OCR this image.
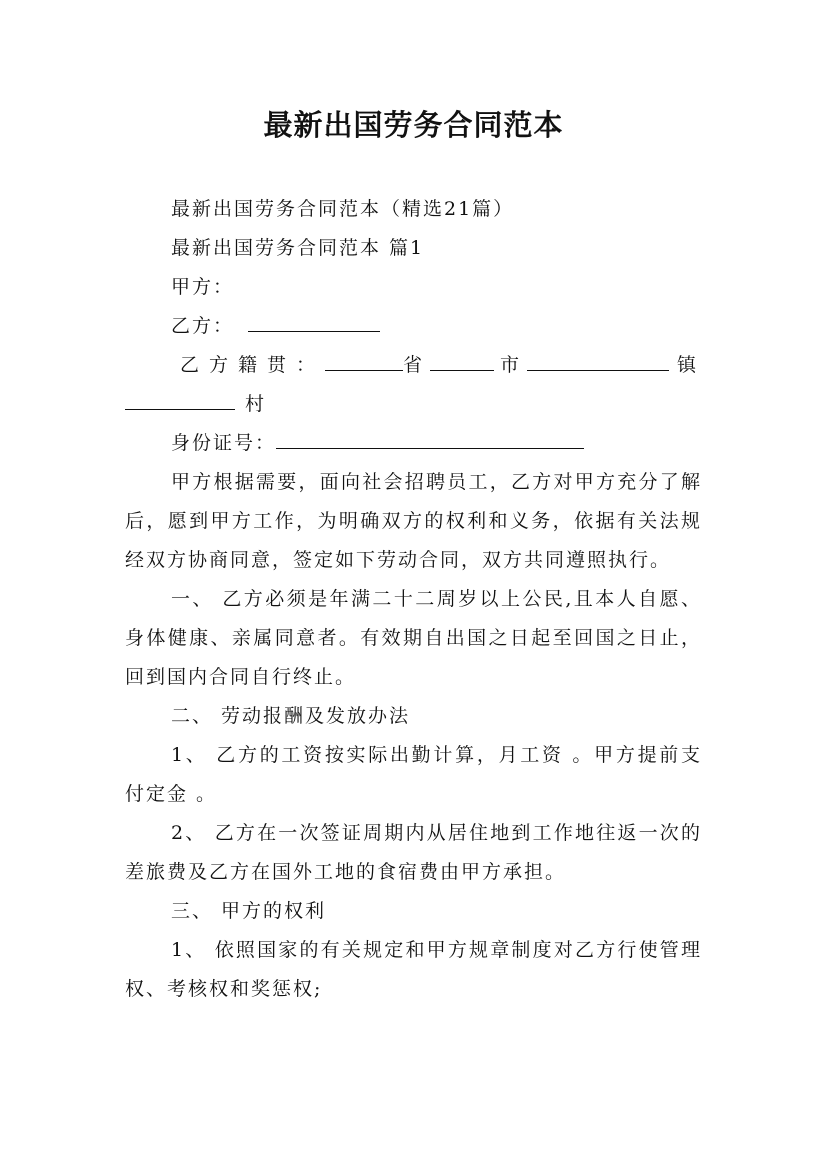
最新出国劳务合同范本

最新出国劳务合同范本（精选21篇）

最新出国劳务合同范本 篇1

甲方：

乙方：

乙方籍贯：	省	市	镇

村

身份证号：

甲方根据需要，面向社会招聘员工，乙方对甲方充分了解后，愿到甲方工作，为明确双方的权利和义务，依据有关法规经双方协商同意，签定如下劳动合同，双方共同遵照执行。

一、 乙方必须是年满二十二周岁以上公民,且本人自愿、身体健康、亲属同意者。有效期自出国之日起至回国之日止，回到国内合同自行终止。

二、 劳动报酬及发放办法

1、 乙方的工资按实际出勤计算，月工资 。甲方提前支付定金 。

2、 乙方在一次签证周期内从居住地到工作地往返一次的差旅费及乙方在国外工地的食宿费由甲方承担。

三、 甲方的权利

1、 依照国家的有关规定和甲方规章制度对乙方行使管理权、考核权和奖惩权;
